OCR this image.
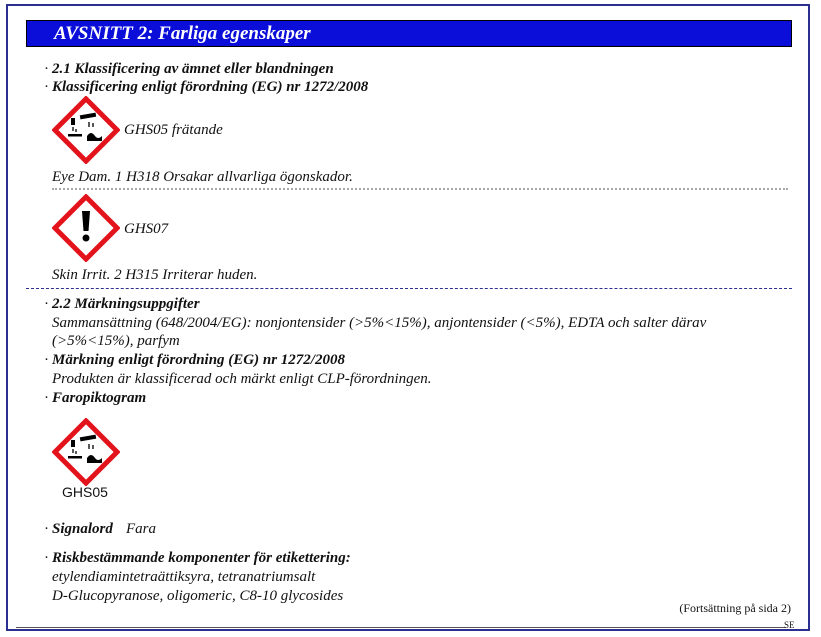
AVSNITT 2: Farliga egenskaper
· 2.1 Klassificering av ämnet eller blandningen
· Klassificering enligt förordning (EG) nr 1272/2008
GHS05 frätande
Eye Dam. 1 H318 Orsakar allvarliga ögonskador.
GHS07
Skin Irrit. 2 H315 Irriterar huden.
· 2.2 Märkningsuppgifter
Sammansättning (648/2004/EG): nonjontensider (>5%<15%), anjontensider (<5%), EDTA och salter därav
(>5%<15%), parfym
· Märkning enligt förordning (EG) nr 1272/2008
Produkten är klassificerad och märkt enligt CLP-förordningen.
· Faropiktogram
GHS05
· Signalord Fara
· Riskbestämmande komponenter för etikettering:
etylendiamintetraättiksyra, tetranatriumsalt
D-Glucopyranose, oligomeric, C8-10 glycosides
(Fortsättning på sida 2)
SE
